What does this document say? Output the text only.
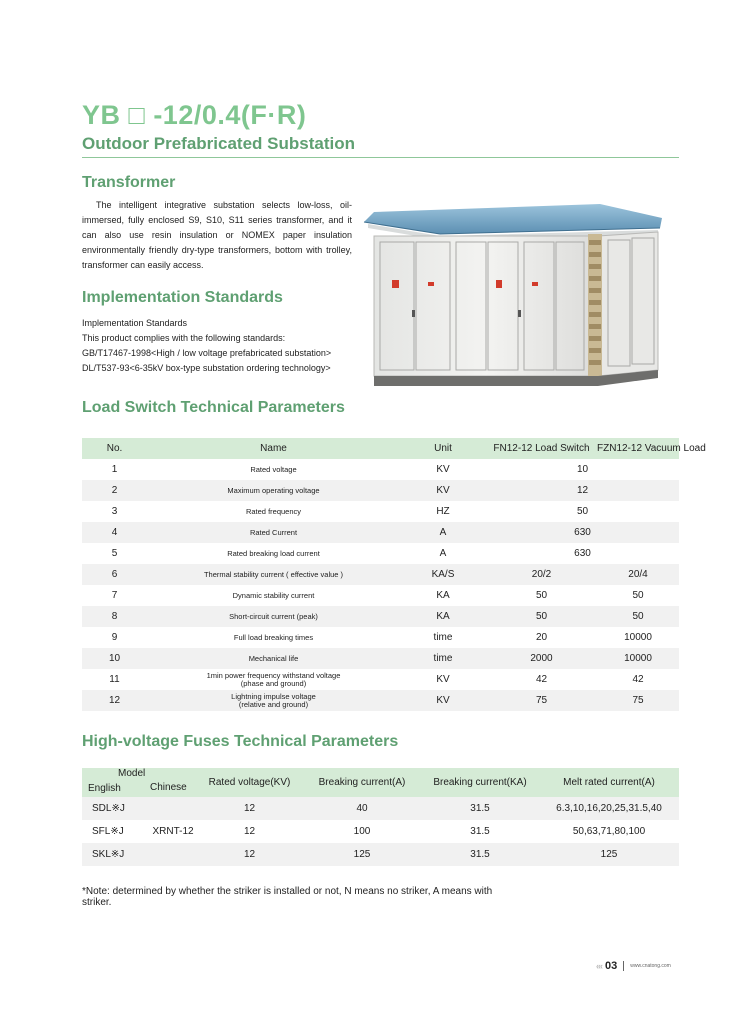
YB □ -12/0.4(F·R)
Outdoor Prefabricated Substation
Transformer

The intelligent integrative substation selects low-loss, oil-immersed, fully enclosed S9, S10, S11 series transformer, and it can also use resin insulation or NOMEX paper insulation environmentally friendly dry-type transformers, bottom with trolley, transformer can easily access.

Implementation Standards
Implementation Standards
This product complies with the following standards:
GB/T17467-1998<High / low voltage prefabricated substation>
DL/T537-93<6-35kV box-type substation ordering technology>
Load Switch Technical Parameters
No.	Name	Unit	FN12-12 Load Switch	FZN12-12 Vacuum Load
1	Rated voltage	KV	10	
2	Maximum operating voltage	KV	12	
3	Rated frequency	HZ	50	
4	Rated Current	A	630	
5	Rated breaking load current	A	630	
6	Thermal stability current ( effective value )	KA/S	20/2	20/4
7	Dynamic stability current	KA	50	50
8	Short-circuit current (peak)	KA	50	50
9	Full load breaking times	time	20	10000
10	Mechanical life	time	2000	10000
11	1min power frequency withstand voltage
(phase and ground)	KV	42	42
12	Lightning impulse voltage
(relative and ground)	KV	75	75
High-voltage Fuses Technical Parameters
Model
English Chinese	Rated voltage(KV)	Breaking current(A)	Breaking current(KA)	Melt rated current(A)
SDL※J	12	40	31.5	6.3,10,16,20,25,31.5,40
SFL※J XRNT-12	12	100	31.5	50,63,71,80,100
SKL※J	12	125	31.5	125

*Note: determined by whether the striker is installed or not, N means no striker, A means with striker.

‹‹‹ 03	www.cnatong.com
